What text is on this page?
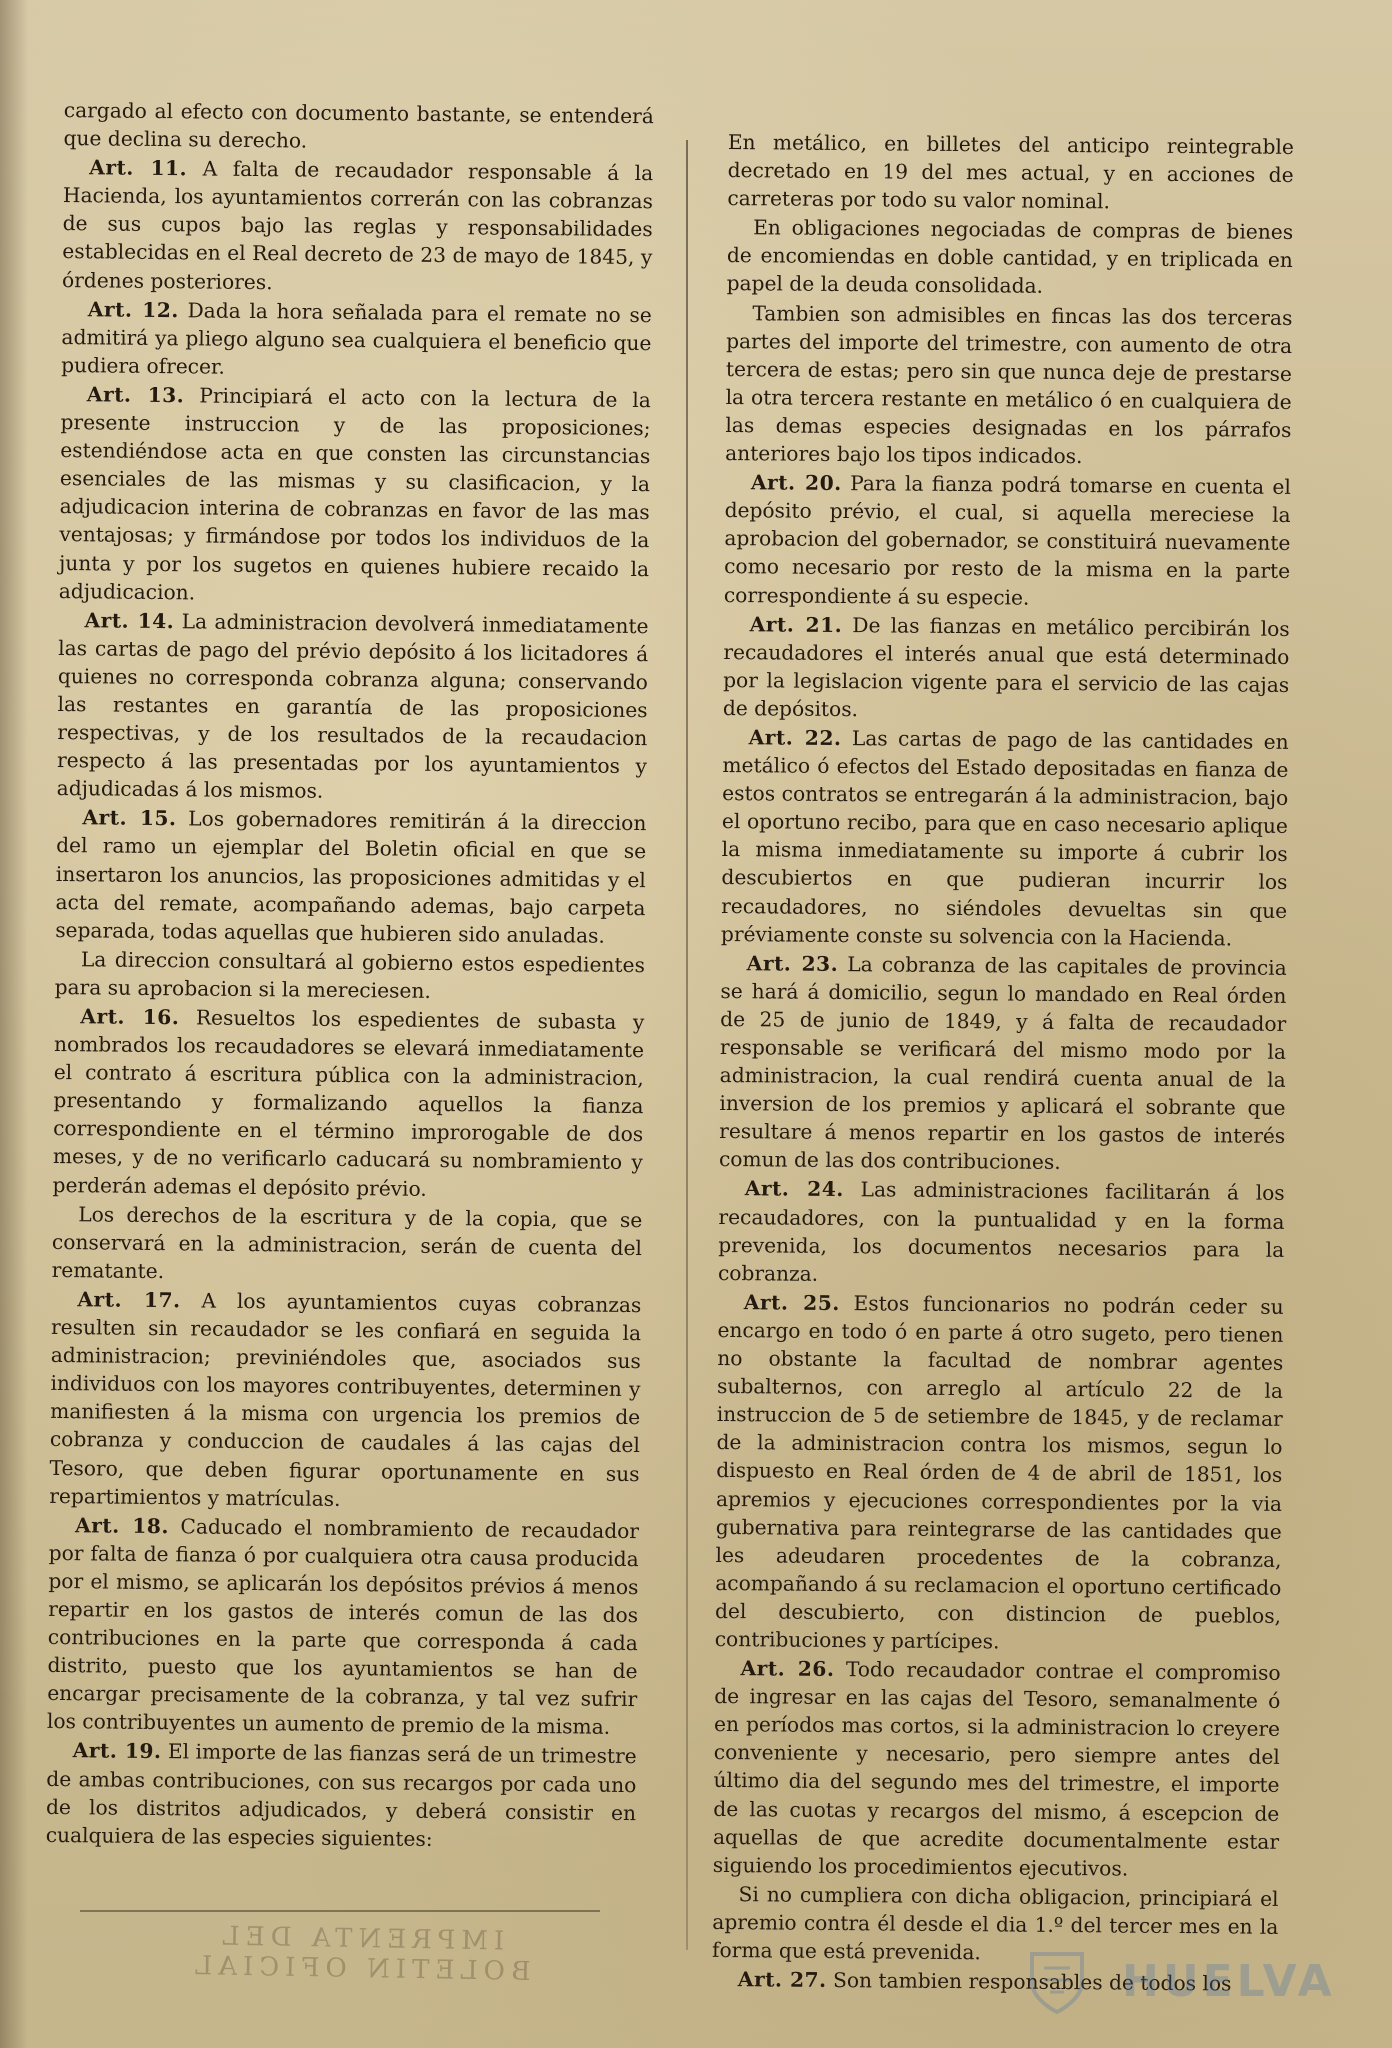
cargado al efecto con documento bastante, se entenderá que declina su derecho.

Art. 11. A falta de recaudador responsable á la Hacienda, los ayuntamientos correrán con las cobranzas de sus cupos bajo las reglas y responsabilidades establecidas en el Real decreto de 23 de mayo de 1845, y órdenes posteriores.

Art. 12. Dada la hora señalada para el remate no se admitirá ya pliego alguno sea cualquiera el beneficio que pudiera ofrecer.

Art. 13. Principiará el acto con la lectura de la presente instruccion y de las proposiciones; estendiéndose acta en que consten las circunstancias esenciales de las mismas y su clasificacion, y la adjudicacion interina de cobranzas en favor de las mas ventajosas; y firmándose por todos los individuos de la junta y por los sugetos en quienes hubiere recaido la adjudicacion.

Art. 14. La administracion devolverá inmediatamente las cartas de pago del prévio depósito á los licitadores á quienes no corresponda cobranza alguna; conservando las restantes en garantía de las proposiciones respectivas, y de los resultados de la recaudacion respecto á las presentadas por los ayuntamientos y adjudicadas á los mismos.

Art. 15. Los gobernadores remitirán á la direccion del ramo un ejemplar del Boletin oficial en que se insertaron los anuncios, las proposiciones admitidas y el acta del remate, acompañando ademas, bajo carpeta separada, todas aquellas que hubieren sido anuladas.

La direccion consultará al gobierno estos espedientes para su aprobacion si la mereciesen.

Art. 16. Resueltos los espedientes de subasta y nombrados los recaudadores se elevará inmediatamente el contrato á escritura pública con la administracion, presentando y formalizando aquellos la fianza correspondiente en el término improrogable de dos meses, y de no verificarlo caducará su nombramiento y perderán ademas el depósito prévio.

Los derechos de la escritura y de la copia, que se conservará en la administracion, serán de cuenta del rematante.

Art. 17. A los ayuntamientos cuyas cobranzas resulten sin recaudador se les confiará en seguida la administracion; previniéndoles que, asociados sus individuos con los mayores contribuyentes, determinen y manifiesten á la misma con urgencia los premios de cobranza y conduccion de caudales á las cajas del Tesoro, que deben figurar oportunamente en sus repartimientos y matrículas.

Art. 18. Caducado el nombramiento de recaudador por falta de fianza ó por cualquiera otra causa producida por el mismo, se aplicarán los depósitos prévios á menos repartir en los gastos de interés comun de las dos contribuciones en la parte que corresponda á cada distrito, puesto que los ayuntamientos se han de encargar precisamente de la cobranza, y tal vez sufrir los contribuyentes un aumento de premio de la misma.

Art. 19. El importe de las fianzas será de un trimestre de ambas contribuciones, con sus recargos por cada uno de los distritos adjudicados, y deberá consistir en cualquiera de las especies siguientes:

En metálico, en billetes del anticipo reintegrable decretado en 19 del mes actual, y en acciones de carreteras por todo su valor nominal.

En obligaciones negociadas de compras de bienes de encomiendas en doble cantidad, y en triplicada en papel de la deuda consolidada.

Tambien son admisibles en fincas las dos terceras partes del importe del trimestre, con aumento de otra tercera de estas; pero sin que nunca deje de prestarse la otra tercera restante en metálico ó en cualquiera de las demas especies designadas en los párrafos anteriores bajo los tipos indicados.

Art. 20. Para la fianza podrá tomarse en cuenta el depósito prévio, el cual, si aquella mereciese la aprobacion del gobernador, se constituirá nuevamente como necesario por resto de la misma en la parte correspondiente á su especie.

Art. 21. De las fianzas en metálico percibirán los recaudadores el interés anual que está determinado por la legislacion vigente para el servicio de las cajas de depósitos.

Art. 22. Las cartas de pago de las cantidades en metálico ó efectos del Estado depositadas en fianza de estos contratos se entregarán á la administracion, bajo el oportuno recibo, para que en caso necesario aplique la misma inmediatamente su importe á cubrir los descubiertos en que pudieran incurrir los recaudadores, no siéndoles devueltas sin que préviamente conste su solvencia con la Hacienda.

Art. 23. La cobranza de las capitales de provincia se hará á domicilio, segun lo mandado en Real órden de 25 de junio de 1849, y á falta de recaudador responsable se verificará del mismo modo por la administracion, la cual rendirá cuenta anual de la inversion de los premios y aplicará el sobrante que resultare á menos repartir en los gastos de interés comun de las dos contribuciones.

Art. 24. Las administraciones facilitarán á los recaudadores, con la puntualidad y en la forma prevenida, los documentos necesarios para la cobranza.

Art. 25. Estos funcionarios no podrán ceder su encargo en todo ó en parte á otro sugeto, pero tienen no obstante la facultad de nombrar agentes subalternos, con arreglo al artículo 22 de la instruccion de 5 de setiembre de 1845, y de reclamar de la administracion contra los mismos, segun lo dispuesto en Real órden de 4 de abril de 1851, los apremios y ejecuciones correspondientes por la via gubernativa para reintegrarse de las cantidades que les adeudaren procedentes de la cobranza, acompañando á su reclamacion el oportuno certificado del descubierto, con distincion de pueblos, contribuciones y partícipes.

Art. 26. Todo recaudador contrae el compromiso de ingresar en las cajas del Tesoro, semanalmente ó en períodos mas cortos, si la administracion lo creyere conveniente y necesario, pero siempre antes del último dia del segundo mes del trimestre, el importe de las cuotas y recargos del mismo, á escepcion de aquellas de que acredite documentalmente estar siguiendo los procedimientos ejecutivos.

Si no cumpliera con dicha obligacion, principiará el apremio contra él desde el dia 1.º del tercer mes en la forma que está prevenida.

Art. 27. Son tambien responsables de todos los

IMPRENTA DEL BOLETIN OFICIAL	HUELVA
